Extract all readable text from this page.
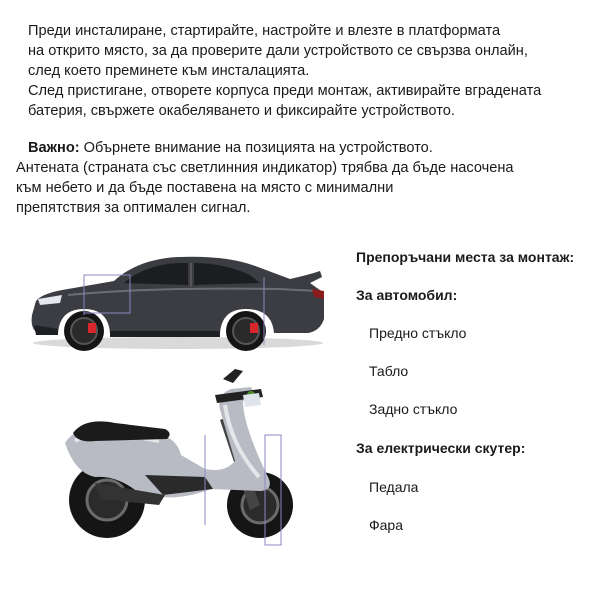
Преди инсталиране, стартирайте, настройте и влезте в платформата

на открито място, за да проверите дали устройството се свързва онлайн,

след което преминете към инсталацията.

След пристигане, отворете корпуса преди монтаж, активирайте вградената

батерия, свържете окабеляването и фиксирайте устройството.

Важно: Обърнете внимание на позицията на устройството.

Антената (страната със светлинния индикатор) трябва да бъде насочена

към небето и да бъде поставена на място с минимални

препятствия за оптимален сигнал.

Препоръчани места за монтаж:
За автомобил:
Предно стъкло
Табло
Задно стъкло
За електрически скутер:
Педала
Фара
